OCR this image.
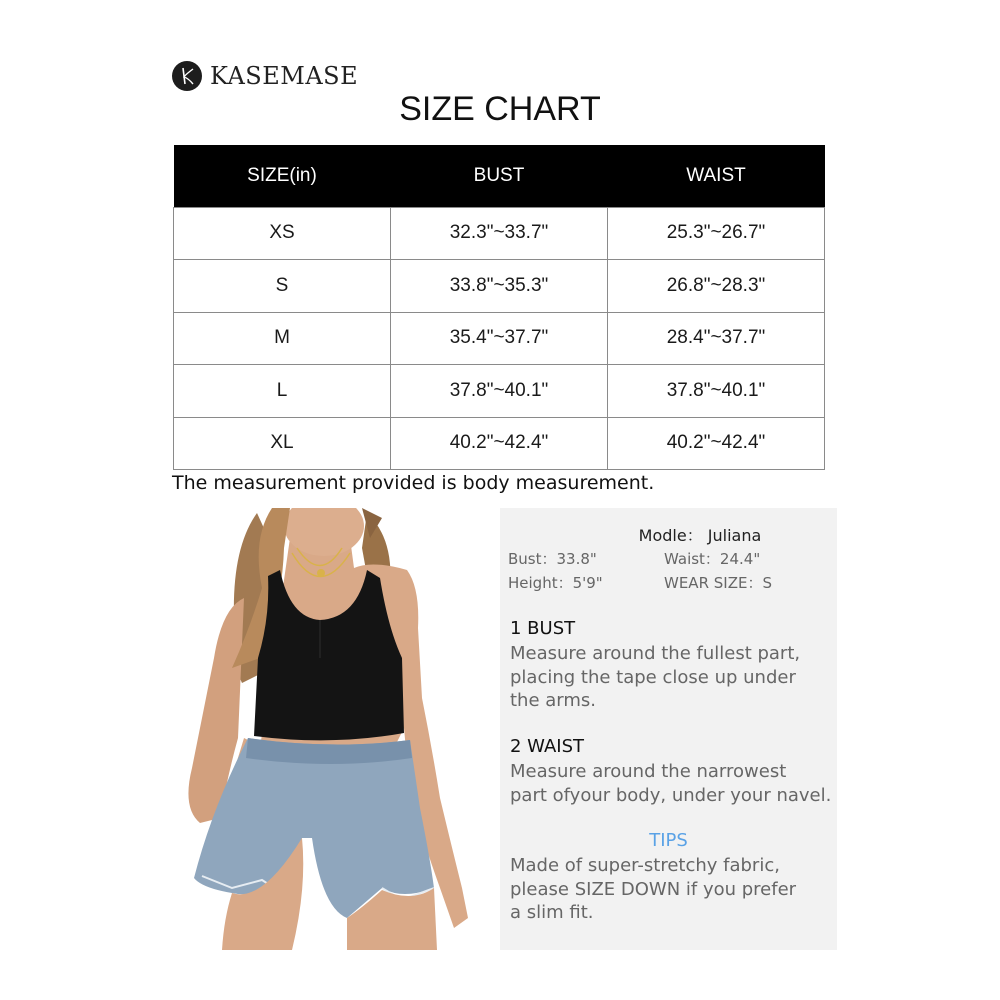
KASEMASE
SIZE CHART
SIZE(in)	BUST	WAIST
XS	32.3"~33.7"	25.3"~26.7"
S	33.8"~35.3"	26.8"~28.3"
M	35.4"~37.7"	28.4"~37.7"
L	37.8"~40.1"	37.8"~40.1"
XL	40.2"~42.4"	40.2"~42.4"
The measurement provided is body measurement.
Modle： Juliana
Bust：33.8"	Waist：24.4"
Height：5'9"	WEAR SIZE：S
1 BUST
Measure around the fullest part,
placing the tape close up under
the arms.
2 WAIST
Measure around the narrowest
part ofyour body, under your navel.
TIPS
Made of super-stretchy fabric,
please SIZE DOWN if you prefer
a slim fit.
